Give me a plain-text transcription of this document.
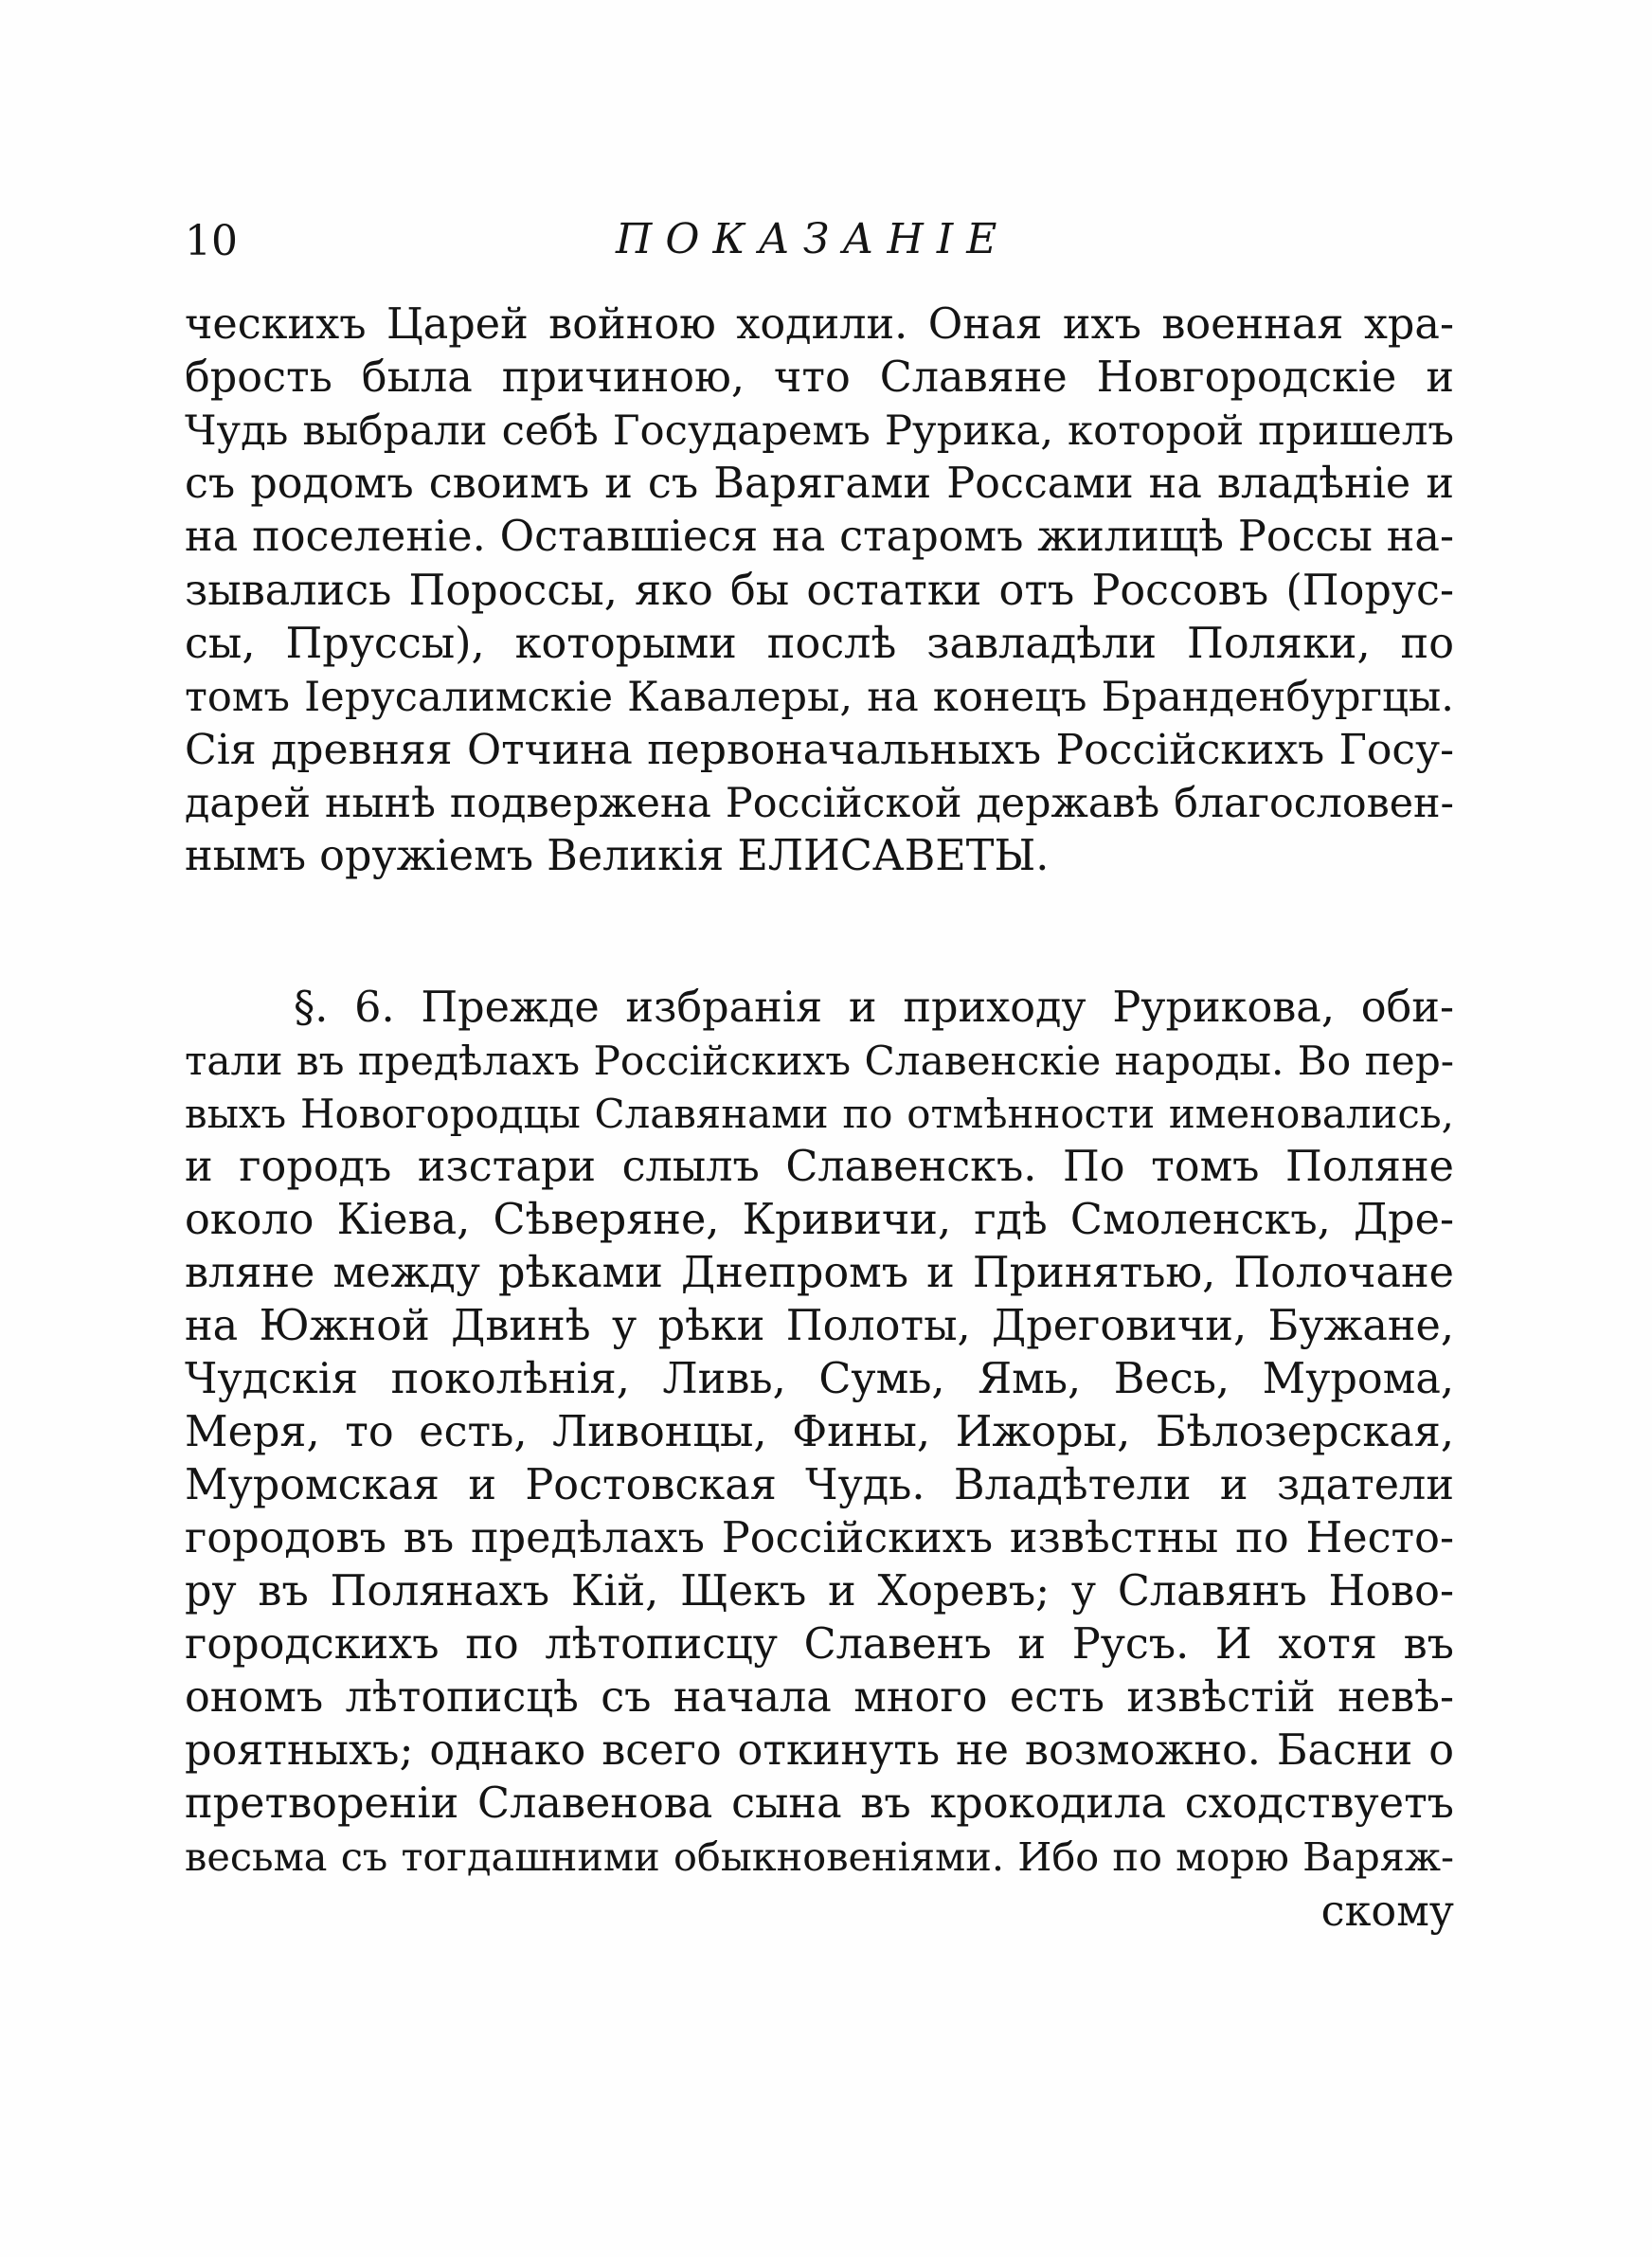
10	ПОКАЗАНІЕ
ческихъ Царей войною ходили. Оная ихъ военная хра-
брость была причиною, что Славяне Новгородскіе и
Чудь выбрали себѣ Государемъ Рурика, которой пришелъ
съ родомъ своимъ и съ Варягами Россами на владѣніе и
на поселеніе. Оставшіеся на старомъ жилищѣ Россы на-
зывались Пороссы, яко бы остатки отъ Россовъ (Порус-
сы, Пруссы), которыми послѣ завладѣли Поляки, по
томъ Іерусалимскіе Кавалеры, на конецъ Бранденбургцы.
Сія древняя Отчина первоначальныхъ Россійскихъ Госу-
дарей нынѣ подвержена Россійской державѣ благословен-
нымъ оружіемъ Великія ЕЛИСАВЕТЫ.
§. 6. Прежде избранія и приходу Рурикова, оби-
тали въ предѣлахъ Россійскихъ Славенскіе народы. Во пер-
выхъ Новогородцы Славянами по отмѣнности именовались,
и городъ изстари слылъ Славенскъ. По томъ Поляне
около Кіева, Сѣверяне, Кривичи, гдѣ Смоленскъ, Дре-
вляне между рѣками Днепромъ и Принятью, Полочане
на Южной Двинѣ у рѣки Полоты, Дреговичи, Бужане,
Чудскія поколѣнія, Ливь, Сумь, Ямь, Весь, Мурома,
Меря, то есть, Ливонцы, Фины, Ижоры, Бѣлозерская,
Муромская и Ростовская Чудь. Владѣтели и здатели
городовъ въ предѣлахъ Россійскихъ извѣстны по Несто-
ру въ Полянахъ Кій, Щекъ и Хоревъ; у Славянъ Ново-
городскихъ по лѣтописцу Славенъ и Русъ. И хотя въ
ономъ лѣтописцѣ съ начала много есть извѣстій невѣ-
роятныхъ; однако всего откинуть не возможно. Басни о
претвореніи Славенова сына въ крокодила сходствуетъ
весьма съ тогдашними обыкновеніями. Ибо по морю Варяж-
скому
